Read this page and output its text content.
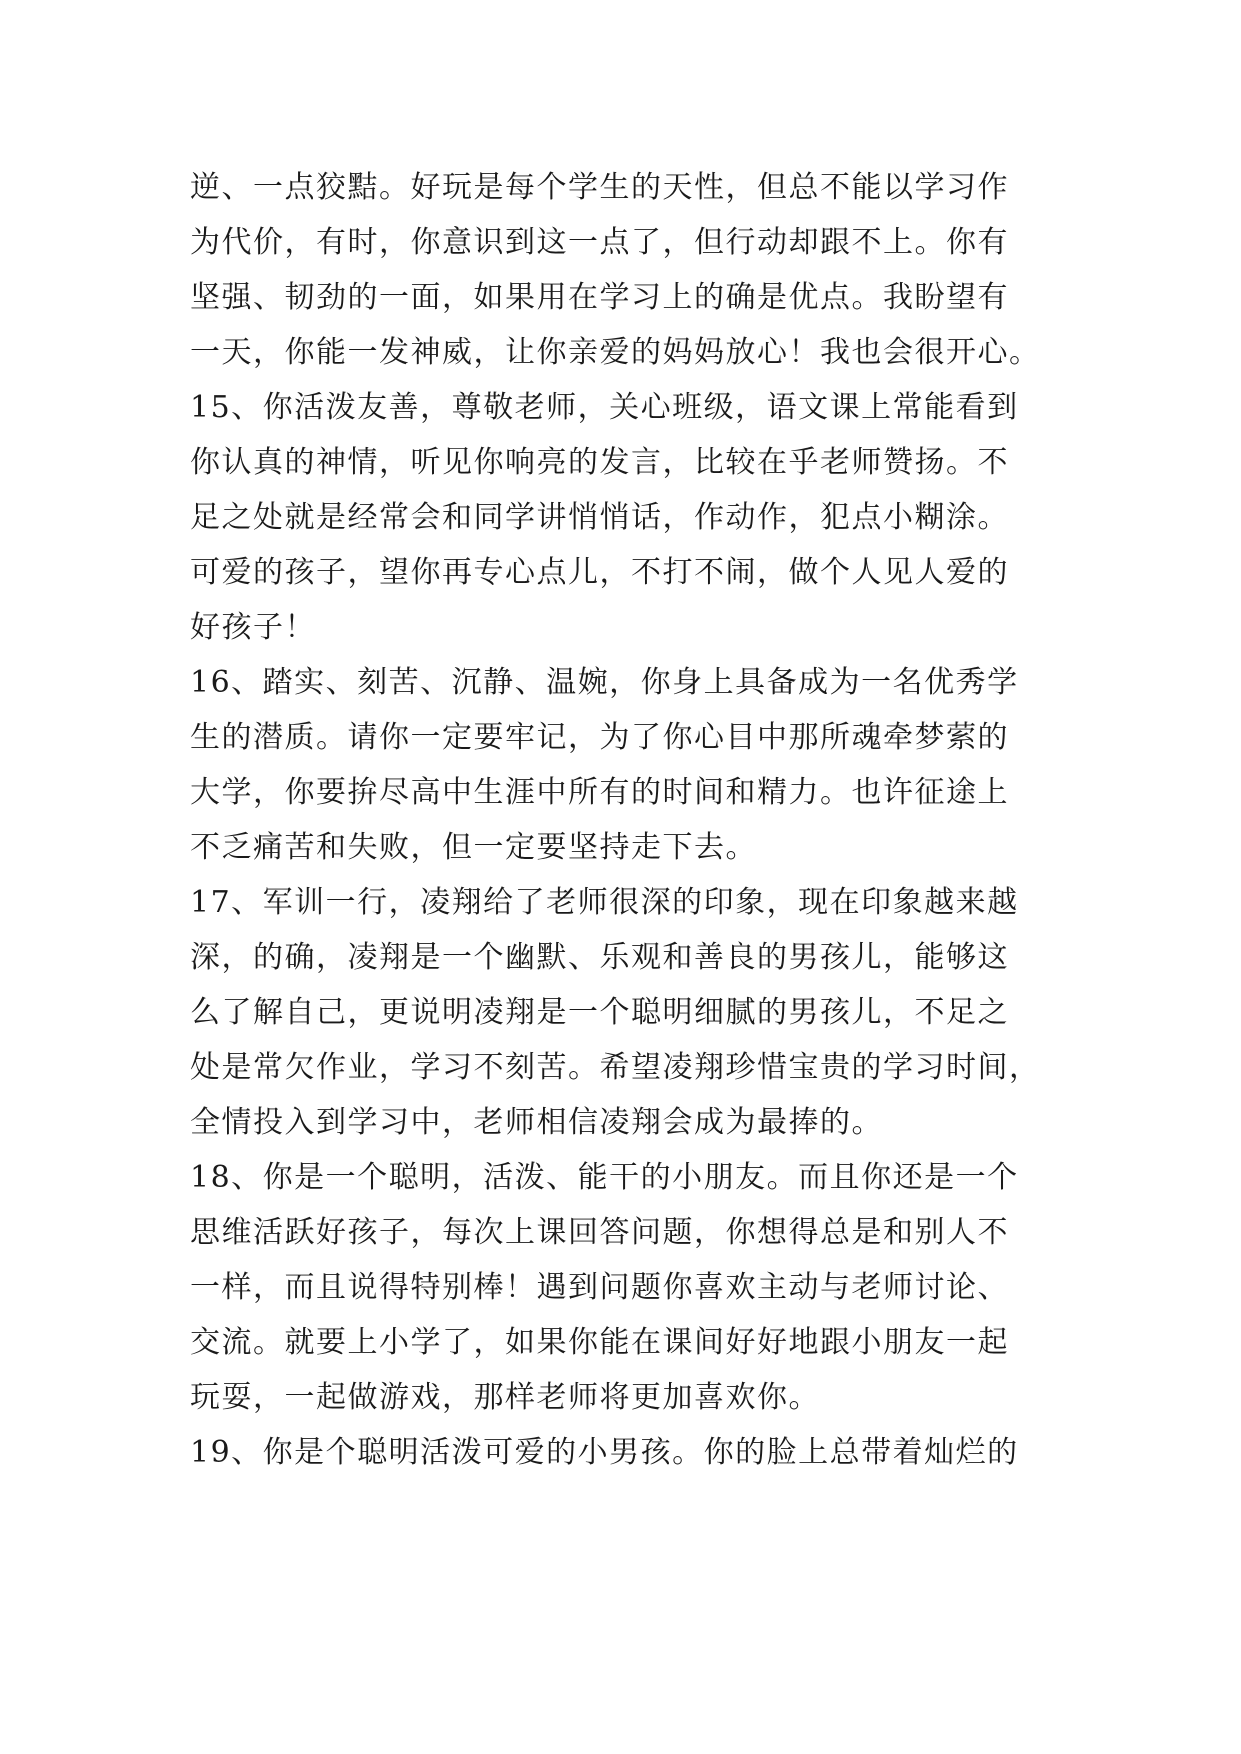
逆、一点狡黠。好玩是每个学生的天性，但总不能以学习作
为代价，有时，你意识到这一点了，但行动却跟不上。你有
坚强、韧劲的一面，如果用在学习上的确是优点。我盼望有
一天，你能一发神威，让你亲爱的妈妈放心！我也会很开心。
15、你活泼友善，尊敬老师，关心班级，语文课上常能看到
你认真的神情，听见你响亮的发言，比较在乎老师赞扬。不
足之处就是经常会和同学讲悄悄话，作动作，犯点小糊涂。
可爱的孩子，望你再专心点儿，不打不闹，做个人见人爱的
好孩子！
16、踏实、刻苦、沉静、温婉，你身上具备成为一名优秀学
生的潜质。请你一定要牢记，为了你心目中那所魂牵梦萦的
大学，你要拚尽高中生涯中所有的时间和精力。也许征途上
不乏痛苦和失败，但一定要坚持走下去。
17、军训一行，凌翔给了老师很深的印象，现在印象越来越
深，的确，凌翔是一个幽默、乐观和善良的男孩儿，能够这
么了解自己，更说明凌翔是一个聪明细腻的男孩儿，不足之
处是常欠作业，学习不刻苦。希望凌翔珍惜宝贵的学习时间，
全情投入到学习中，老师相信凌翔会成为最捧的。
18、你是一个聪明，活泼、能干的小朋友。而且你还是一个
思维活跃好孩子，每次上课回答问题，你想得总是和别人不
一样，而且说得特别棒！遇到问题你喜欢主动与老师讨论、
交流。就要上小学了，如果你能在课间好好地跟小朋友一起
玩耍，一起做游戏，那样老师将更加喜欢你。
19、你是个聪明活泼可爱的小男孩。你的脸上总带着灿烂的
